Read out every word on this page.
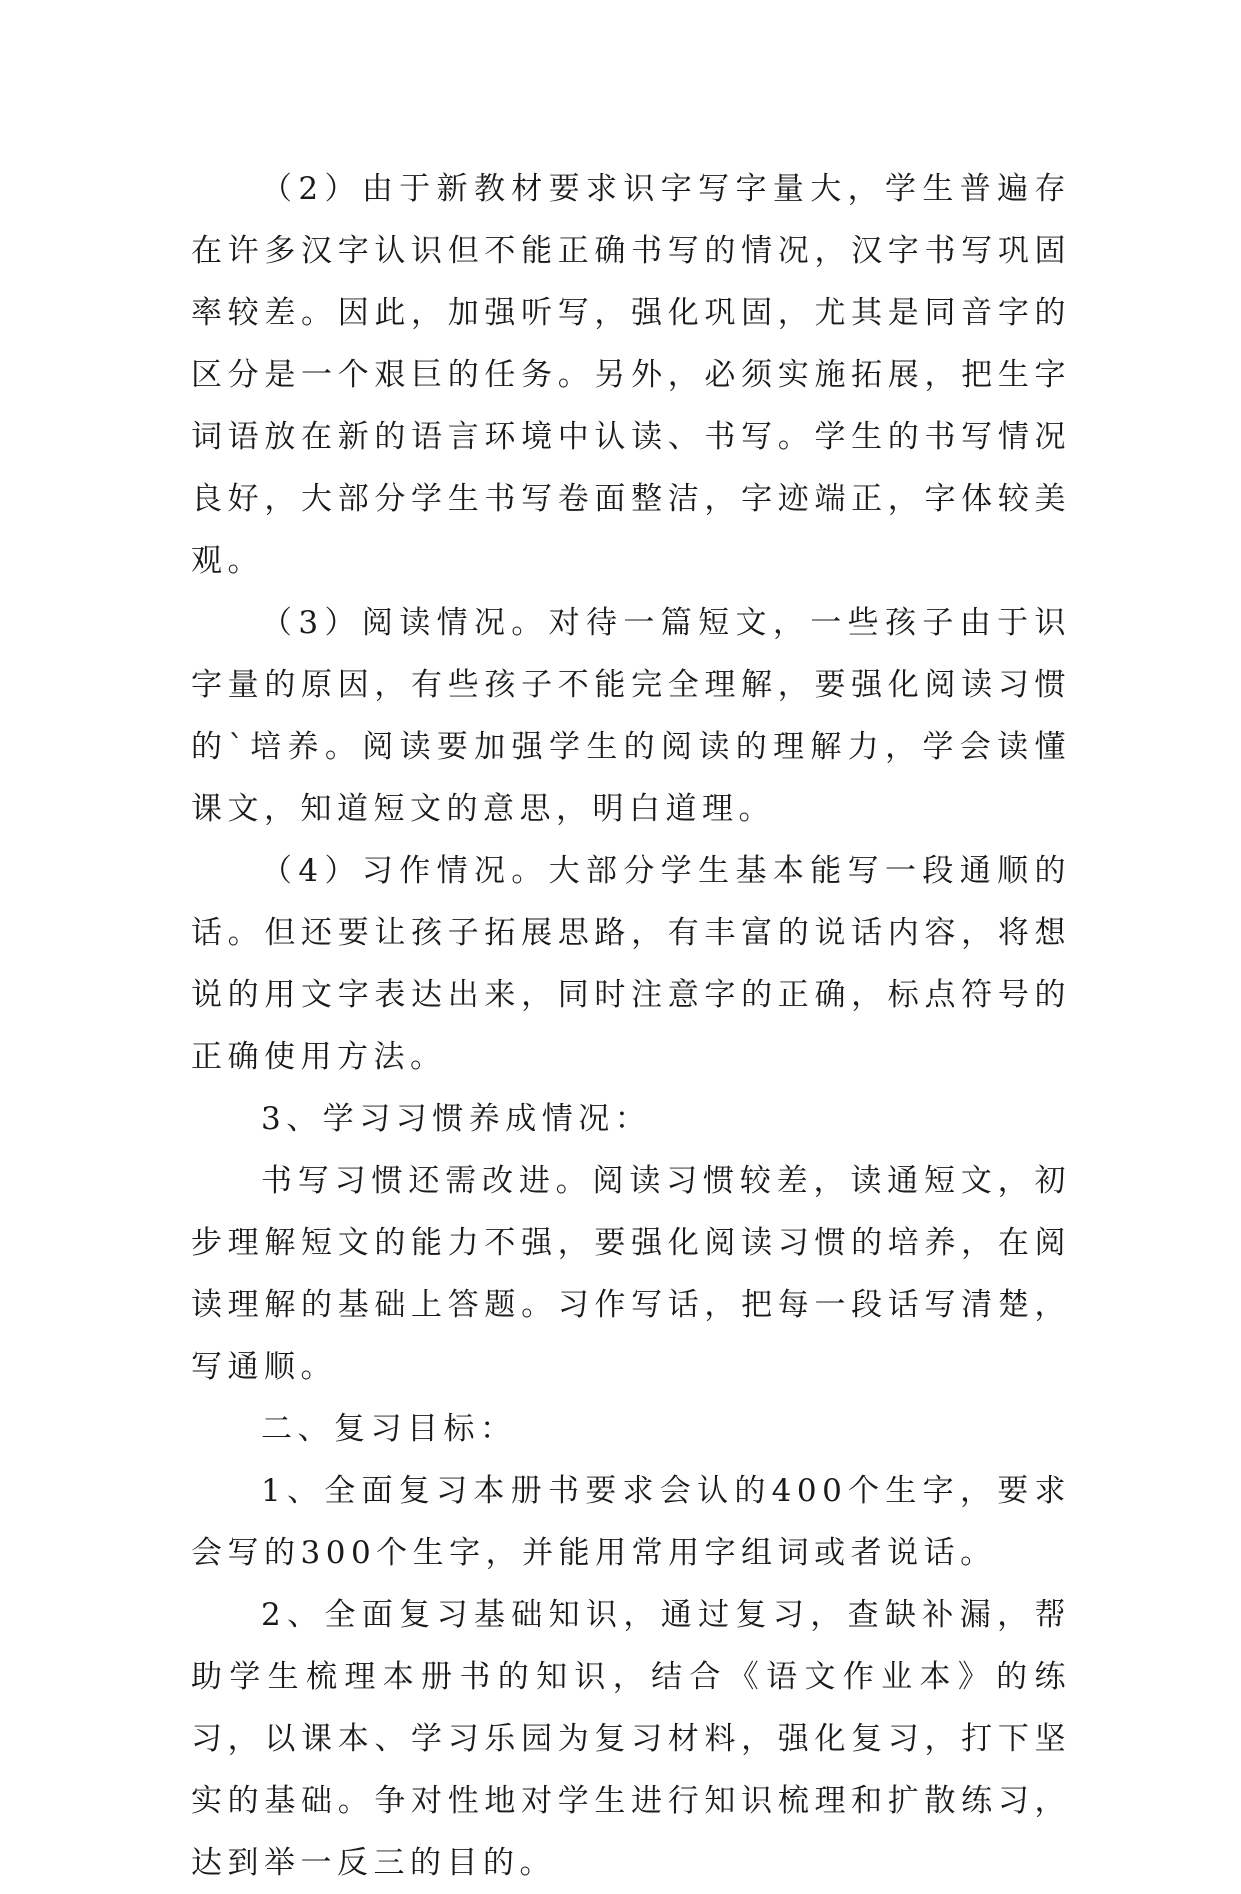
（2）由于新教材要求识字写字量大，学生普遍存在许多汉字认识但不能正确书写的情况，汉字书写巩固率较差。因此，加强听写，强化巩固，尤其是同音字的区分是一个艰巨的任务。另外，必须实施拓展，把生字词语放在新的语言环境中认读、书写。学生的书写情况良好，大部分学生书写卷面整洁，字迹端正，字体较美观。

（3）阅读情况。对待一篇短文，一些孩子由于识字量的原因，有些孩子不能完全理解，要强化阅读习惯的`培养。阅读要加强学生的阅读的理解力，学会读懂课文，知道短文的意思，明白道理。

（4）习作情况。大部分学生基本能写一段通顺的话。但还要让孩子拓展思路，有丰富的说话内容，将想说的用文字表达出来，同时注意字的正确，标点符号的正确使用方法。

3、学习习惯养成情况：

书写习惯还需改进。阅读习惯较差，读通短文，初步理解短文的能力不强，要强化阅读习惯的培养，在阅读理解的基础上答题。习作写话，把每一段话写清楚，写通顺。

二、复习目标：

1、全面复习本册书要求会认的400个生字，要求会写的300个生字，并能用常用字组词或者说话。

2、全面复习基础知识，通过复习，查缺补漏，帮助学生梳理本册书的知识，结合《语文作业本》的练习，以课本、学习乐园为复习材料，强化复习，打下坚实的基础。争对性地对学生进行知识梳理和扩散练习，达到举一反三的目的。
